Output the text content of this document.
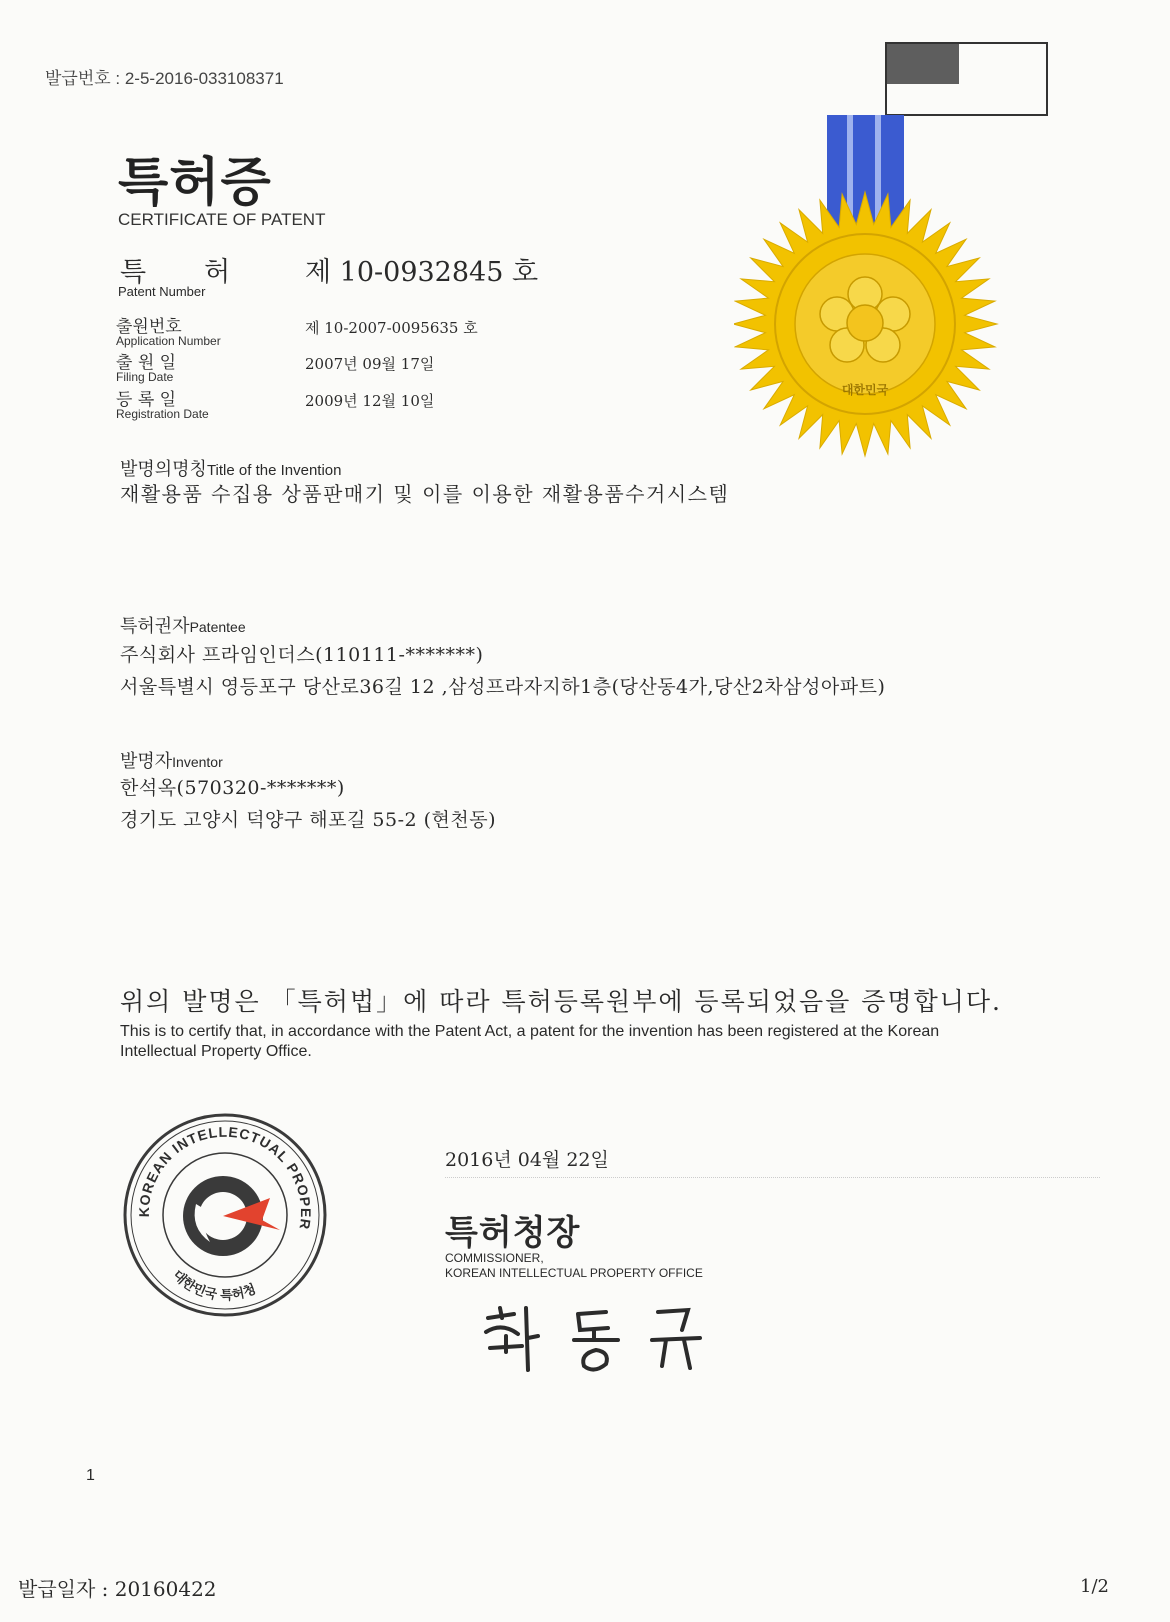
발급번호 : 2-5-2016-033108371
특허증
CERTIFICATE OF PATENT
특 허	제 10-0932845 호
Patent Number
출원번호
Application Number
제 10-2007-0095635 호
출 원 일
Filing Date
2007년 09월 17일
등 록 일
Registration Date
2009년 12월 10일
발명의명칭Title of the Invention
재활용품 수집용 상품판매기 및 이를 이용한 재활용품수거시스템
특허권자Patentee
주식회사 프라임인더스(110111-*******)
서울특별시 영등포구 당산로36길 12 ,삼성프라자지하1층(당산동4가,당산2차삼성아파트)
발명자Inventor
한석옥(570320-*******)
경기도 고양시 덕양구 해포길 55-2 (현천동)
위의 발명은 「특허법」에 따라 특허등록원부에 등록되었음을 증명합니다.
This is to certify that, in accordance with the Patent Act, a patent for the invention has been registered at the Korean Intellectual Property Office.
2016년 04월 22일
특허청장
COMMISSIONER,
KOREAN INTELLECTUAL PROPERTY OFFICE
KOREAN INTELLECTUAL PROPER
대한민국 특허청
대한민국
1
발급일자 : 20160422	1/2
